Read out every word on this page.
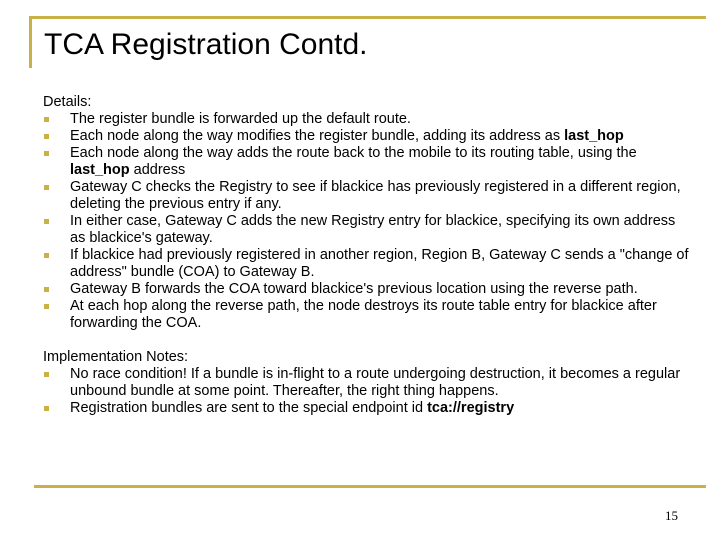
TCA Registration Contd.

Details:

The register bundle is forwarded up the default route.
Each node along the way modifies the register bundle, adding its address as last_hop
Each node along the way adds the route back to the mobile to its routing table, using the last_hop address
Gateway C checks the Registry to see if blackice has previously registered in a different region, deleting the previous entry if any.
In either case, Gateway C adds the new Registry entry for blackice, specifying its own address as blackice's gateway.
If blackice had previously registered in another region, Region B, Gateway C sends a "change of address" bundle (COA) to Gateway B.
Gateway B forwards the COA toward blackice's previous location using the reverse path.
At each hop along the reverse path, the node destroys its route table entry for blackice after forwarding the COA.

Implementation Notes:

No race condition! If a bundle is in-flight to a route undergoing destruction, it becomes a regular unbound bundle at some point. Thereafter, the right thing happens.
Registration bundles are sent to the special endpoint id tca://registry
15
